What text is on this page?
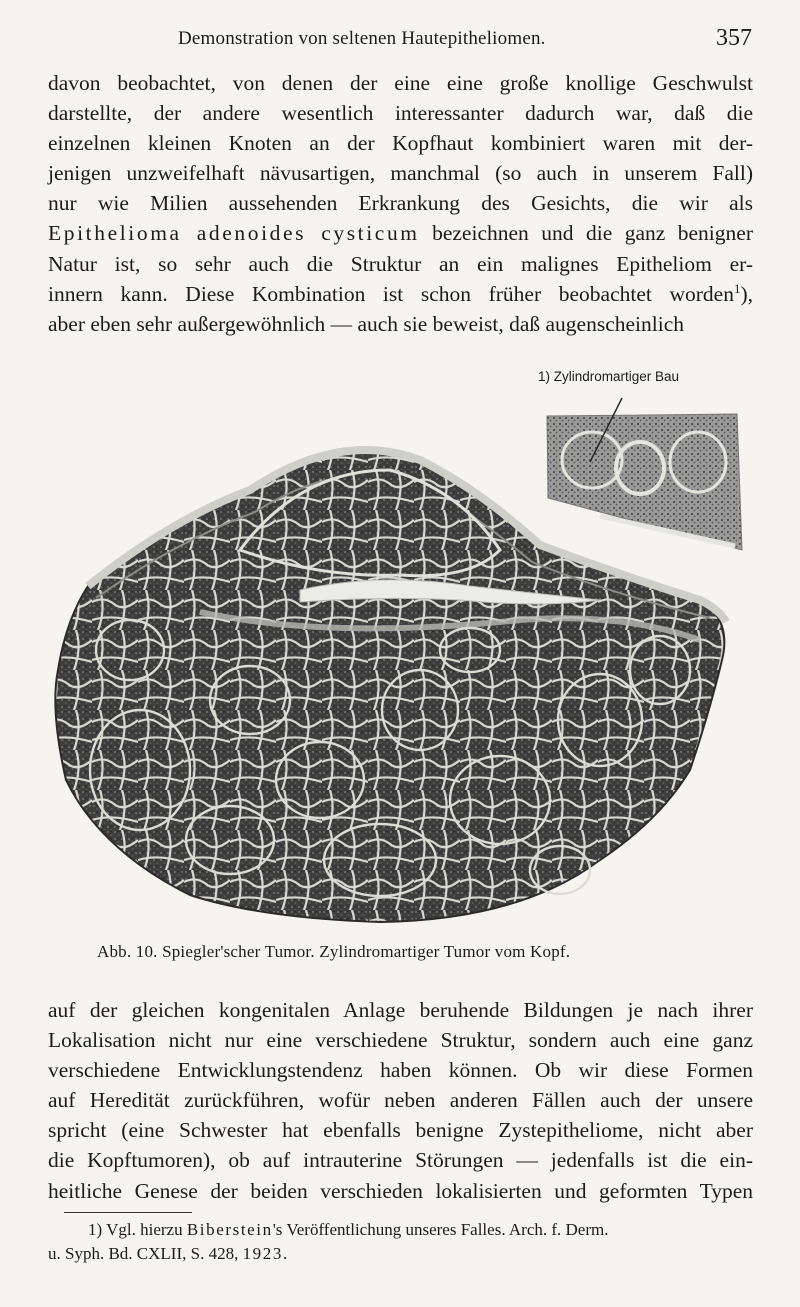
Demonstration von seltenen Hautepitheliomen.	357

davon beobachtet, von denen der eine eine große knollige Geschwulst
darstellte, der andere wesentlich interessanter dadurch war, daß die
einzelnen kleinen Knoten an der Kopfhaut kombiniert waren mit der-
jenigen unzweifelhaft nävusartigen, manchmal (so auch in unserem Fall)
nur wie Milien aussehenden Erkrankung des Gesichts, die wir als
Epithelioma adenoides cysticum bezeichnen und die ganz benigner
Natur ist, so sehr auch die Struktur an ein malignes Epitheliom er-
innern kann. Diese Kombination ist schon früher beobachtet worden$^1$),
aber eben sehr außergewöhnlich — auch sie beweist, daß augenscheinlich

1) Zylindromartiger Bau
Abb. 10. Spiegler'scher Tumor. Zylindromartiger Tumor vom Kopf.

auf der gleichen kongenitalen Anlage beruhende Bildungen je nach ihrer
Lokalisation nicht nur eine verschiedene Struktur, sondern auch eine ganz
verschiedene Entwicklungstendenz haben können. Ob wir diese Formen
auf Heredität zurückführen, wofür neben anderen Fällen auch der unsere
spricht (eine Schwester hat ebenfalls benigne Zystepitheliome, nicht aber
die Kopftumoren), ob auf intrauterine Störungen — jedenfalls ist die ein-
heitliche Genese der beiden verschieden lokalisierten und geformten Typen

1) Vgl. hierzu Biberstein's Veröffentlichung unseres Falles. Arch. f. Derm.
u. Syph. Bd. CXLII, S. 428, 1923.
